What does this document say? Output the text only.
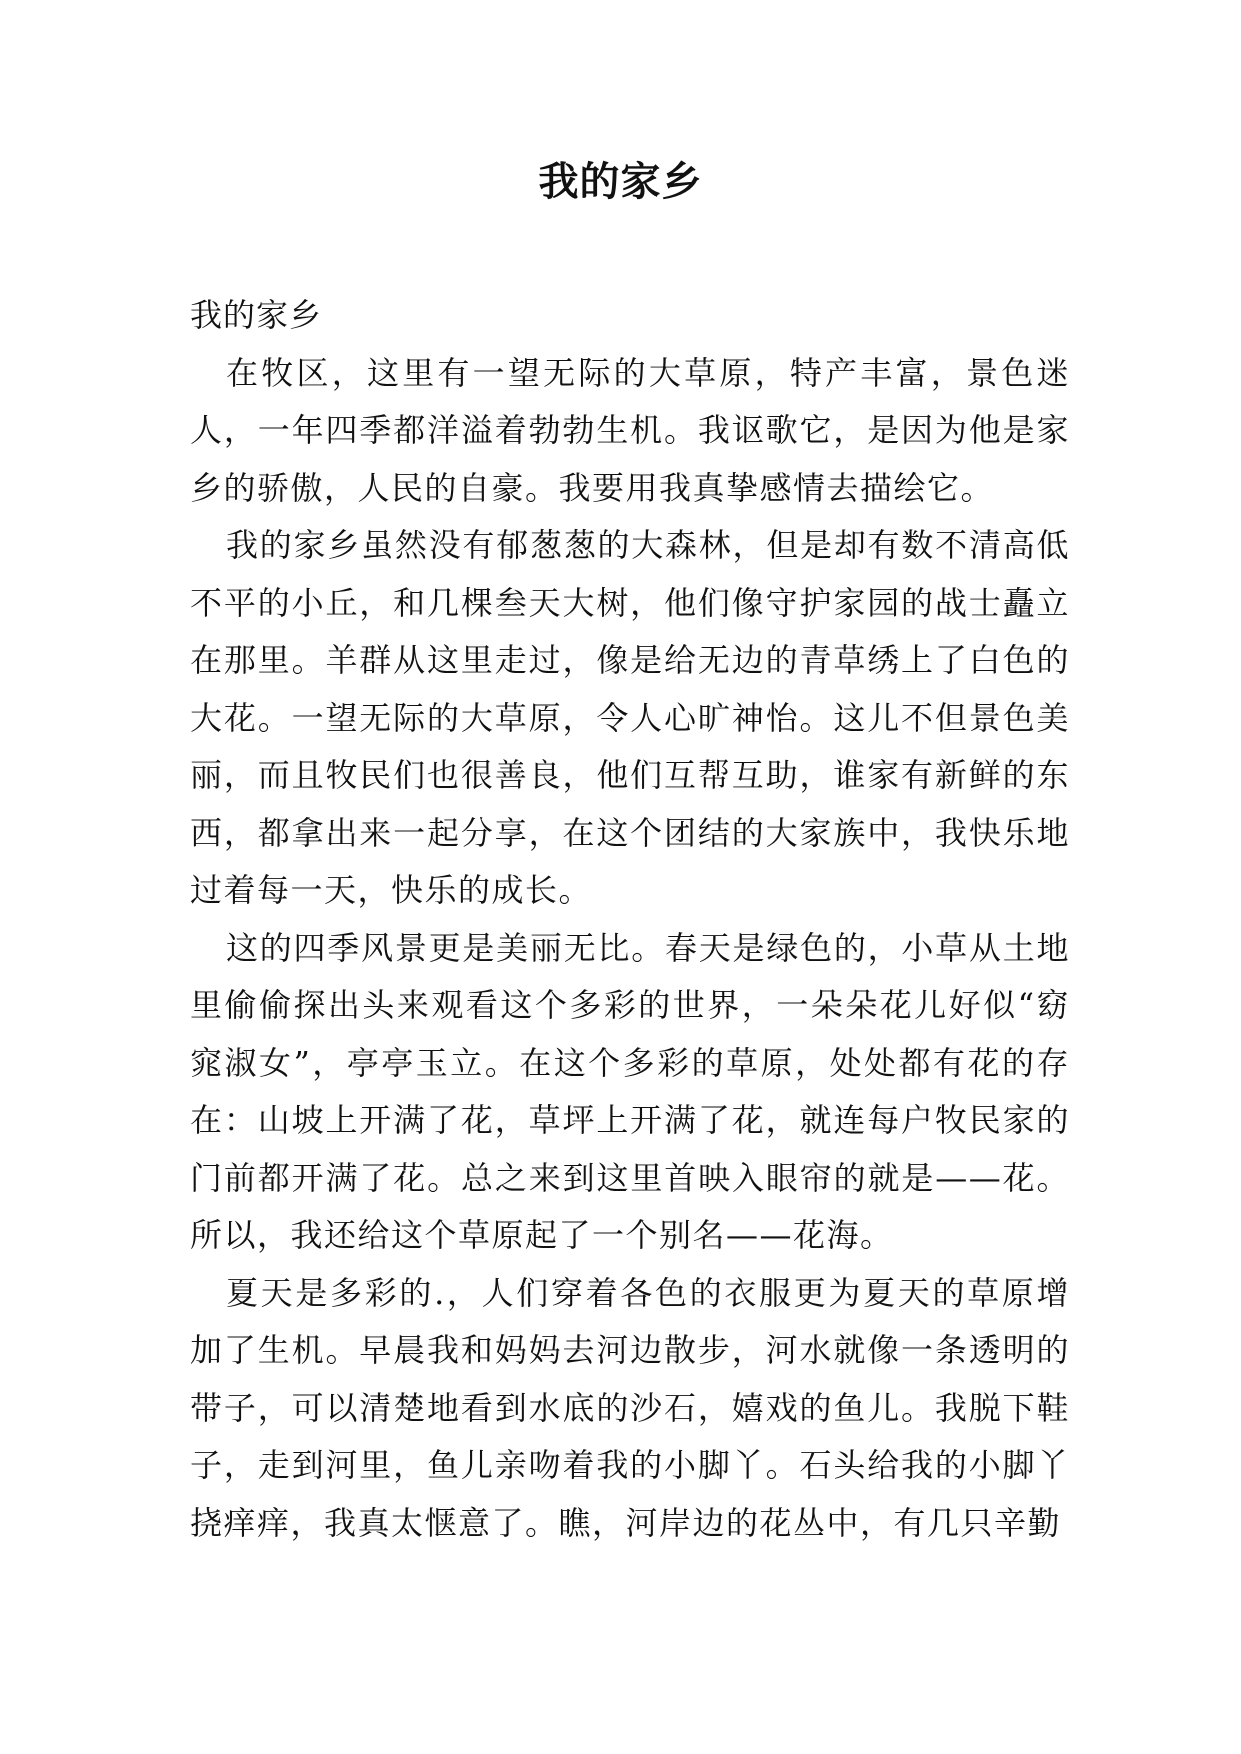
我的家乡

我的家乡

在牧区，这里有一望无际的大草原，特产丰富，景色迷人，一年四季都洋溢着勃勃生机。我讴歌它，是因为他是家乡的骄傲，人民的自豪。我要用我真挚感情去描绘它。

我的家乡虽然没有郁葱葱的大森林，但是却有数不清高低不平的小丘，和几棵叁天大树，他们像守护家园的战士矗立在那里。羊群从这里走过，像是给无边的青草绣上了白色的大花。一望无际的大草原，令人心旷神怡。这儿不但景色美丽，而且牧民们也很善良，他们互帮互助，谁家有新鲜的东西，都拿出来一起分享，在这个团结的大家族中，我快乐地过着每一天，快乐的成长。

这的四季风景更是美丽无比。春天是绿色的，小草从土地里偷偷探出头来观看这个多彩的世界，一朵朵花儿好似“窈窕淑女”，亭亭玉立。在这个多彩的草原，处处都有花的存在：山坡上开满了花，草坪上开满了花，就连每户牧民家的门前都开满了花。总之来到这里首映入眼帘的就是——花。所以，我还给这个草原起了一个别名——花海。

夏天是多彩的.，人们穿着各色的衣服更为夏天的草原增加了生机。早晨我和妈妈去河边散步，河水就像一条透明的带子，可以清楚地看到水底的沙石，嬉戏的鱼儿。我脱下鞋子，走到河里，鱼儿亲吻着我的小脚丫。石头给我的小脚丫挠痒痒，我真太惬意了。瞧，河岸边的花丛中，有几只辛勤
